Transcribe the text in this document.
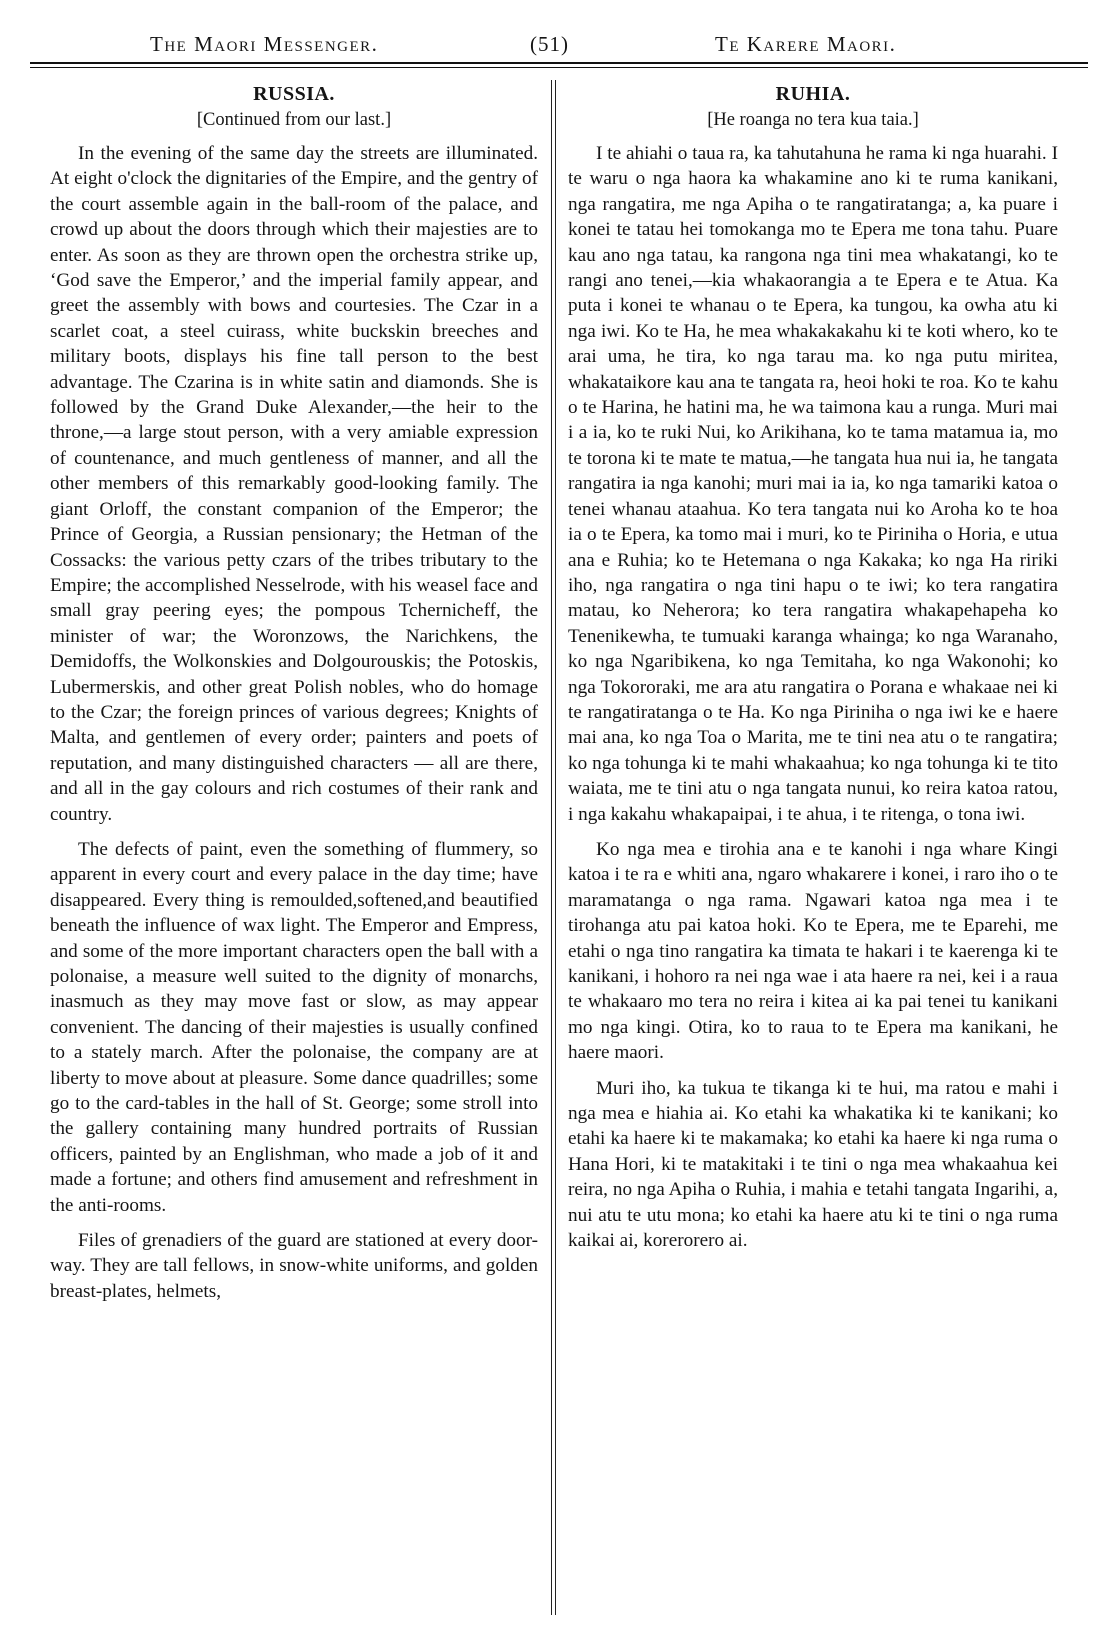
The Maori Messenger.	(51)	Te Karere Maori.
RUSSIA.
[Continued from our last.]

In the evening of the same day the streets are illuminated. At eight o'clock the dignitaries of the Empire, and the gentry of the court assemble again in the ball-room of the palace, and crowd up about the doors through which their majesties are to enter. As soon as they are thrown open the orchestra strike up, ‘God save the Emperor,’ and the imperial family appear, and greet the assembly with bows and courtesies. The Czar in a scarlet coat, a steel cuirass, white buckskin breeches and military boots, displays his fine tall person to the best advantage. The Czarina is in white satin and diamonds. She is followed by the Grand Duke Alexander,—the heir to the throne,—a large stout person, with a very amiable expression of countenance, and much gentleness of manner, and all the other members of this remarkably good-looking family. The giant Orloff, the constant companion of the Emperor; the Prince of Georgia, a Russian pensionary; the Hetman of the Cossacks: the various petty czars of the tribes tributary to the Empire; the accomplished Nesselrode, with his weasel face and small gray peering eyes; the pompous Tchernicheff, the minister of war; the Woronzows, the Narichkens, the Demidoffs, the Wolkonskies and Dolgourouskis; the Potoskis, Lubermerskis, and other great Polish nobles, who do homage to the Czar; the foreign princes of various degrees; Knights of Malta, and gentlemen of every order; painters and poets of reputation, and many distinguished characters — all are there, and all in the gay colours and rich costumes of their rank and country.

The defects of paint, even the something of flummery, so apparent in every court and every palace in the day time; have disappeared. Every thing is remoulded,softened,and beautified beneath the influence of wax light. The Emperor and Empress, and some of the more important characters open the ball with a polonaise, a measure well suited to the dignity of monarchs, inasmuch as they may move fast or slow, as may appear convenient. The dancing of their majesties is usually confined to a stately march. After the polonaise, the company are at liberty to move about at pleasure. Some dance quadrilles; some go to the card-tables in the hall of St. George; some stroll into the gallery containing many hundred portraits of Russian officers, painted by an Englishman, who made a job of it and made a fortune; and others find amusement and refreshment in the anti-rooms.

Files of grenadiers of the guard are stationed at every door-way. They are tall fellows, in snow-white uniforms, and golden breast-plates, helmets,

RUHIA.
[He roanga no tera kua taia.]

I te ahiahi o taua ra, ka tahutahuna he rama ki nga huarahi. I te waru o nga haora ka whakamine ano ki te ruma kanikani, nga rangatira, me nga Apiha o te rangatiratanga; a, ka puare i konei te tatau hei tomokanga mo te Epera me tona tahu. Puare kau ano nga tatau, ka rangona nga tini mea whakatangi, ko te rangi ano tenei,—kia whakaorangia a te Epera e te Atua. Ka puta i konei te whanau o te Epera, ka tungou, ka owha atu ki nga iwi. Ko te Ha, he mea whakakakahu ki te koti whero, ko te arai uma, he tira, ko nga tarau ma. ko nga putu miritea, whakataikore kau ana te tangata ra, heoi hoki te roa. Ko te kahu o te Harina, he hatini ma, he wa taimona kau a runga. Muri mai i a ia, ko te ruki Nui, ko Arikihana, ko te tama matamua ia, mo te torona ki te mate te matua,—he tangata hua nui ia, he tangata rangatira ia nga kanohi; muri mai ia ia, ko nga tamariki katoa o tenei whanau ataahua. Ko tera tangata nui ko Aroha ko te hoa ia o te Epera, ka tomo mai i muri, ko te Piriniha o Horia, e utua ana e Ruhia; ko te Hetemana o nga Kakaka; ko nga Ha ririki iho, nga rangatira o nga tini hapu o te iwi; ko tera rangatira matau, ko Neherora; ko tera rangatira whakapehapeha ko Tenenikewha, te tumuaki karanga whainga; ko nga Waranaho, ko nga Ngaribikena, ko nga Temitaha, ko nga Wakonohi; ko nga Tokororaki, me ara atu rangatira o Porana e whakaae nei ki te rangatiratanga o te Ha. Ko nga Piriniha o nga iwi ke e haere mai ana, ko nga Toa o Marita, me te tini nea atu o te rangatira; ko nga tohunga ki te mahi whakaahua; ko nga tohunga ki te tito waiata, me te tini atu o nga tangata nunui, ko reira katoa ratou, i nga kakahu whakapaipai, i te ahua, i te ritenga, o tona iwi.

Ko nga mea e tirohia ana e te kanohi i nga whare Kingi katoa i te ra e whiti ana, ngaro whakarere i konei, i raro iho o te maramatanga o nga rama. Ngawari katoa nga mea i te tirohanga atu pai katoa hoki. Ko te Epera, me te Eparehi, me etahi o nga tino rangatira ka timata te hakari i te kaerenga ki te kanikani, i hohoro ra nei nga wae i ata haere ra nei, kei i a raua te whakaaro mo tera no reira i kitea ai ka pai tenei tu kanikani mo nga kingi. Otira, ko to raua to te Epera ma kanikani, he haere maori.

Muri iho, ka tukua te tikanga ki te hui, ma ratou e mahi i nga mea e hiahia ai. Ko etahi ka whakatika ki te kanikani; ko etahi ka haere ki te makamaka; ko etahi ka haere ki nga ruma o Hana Hori, ki te matakitaki i te tini o nga mea whakaahua kei reira, no nga Apiha o Ruhia, i mahia e tetahi tangata Ingarihi, a, nui atu te utu mona; ko etahi ka haere atu ki te tini o nga ruma kaikai ai, korerorero ai.
